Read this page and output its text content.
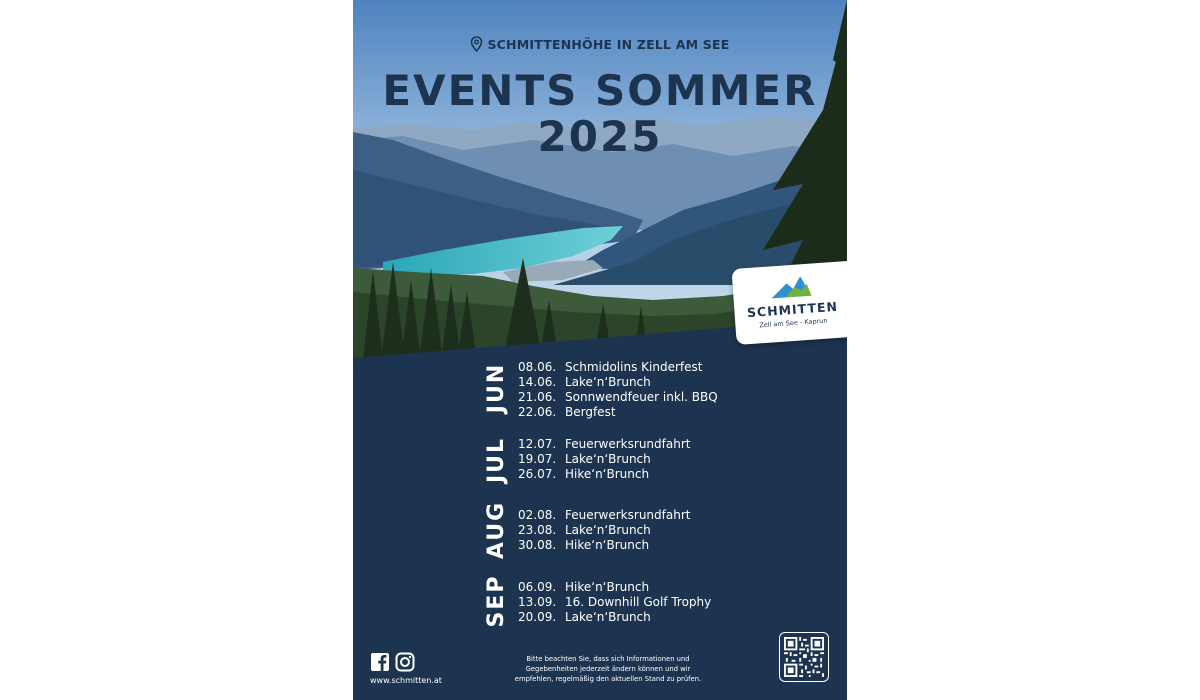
SCHMITTENHÖHE IN ZELL AM SEE
EVENTS SOMMER
2025
SCHMITTEN
Zell am See - Kaprun
JUN 08.06. Schmidolins Kinderfest
14.06. Lake‘n‘Brunch
21.06. Sonnwendfeuer inkl. BBQ
22.06. Bergfest
JUL 12.07. Feuerwerksrundfahrt
19.07. Lake‘n‘Brunch
26.07. Hike‘n‘Brunch
AUG 02.08. Feuerwerksrundfahrt
23.08. Lake‘n‘Brunch
30.08. Hike‘n‘Brunch
SEP 06.09. Hike‘n‘Brunch
13.09. 16. Downhill Golf Trophy
20.09. Lake‘n‘Brunch
www.schmitten.at
Bitte beachten Sie, dass sich Informationen und
Gegebenheiten jederzeit ändern können und wir
empfehlen, regelmäßig den aktuellen Stand zu prüfen.
